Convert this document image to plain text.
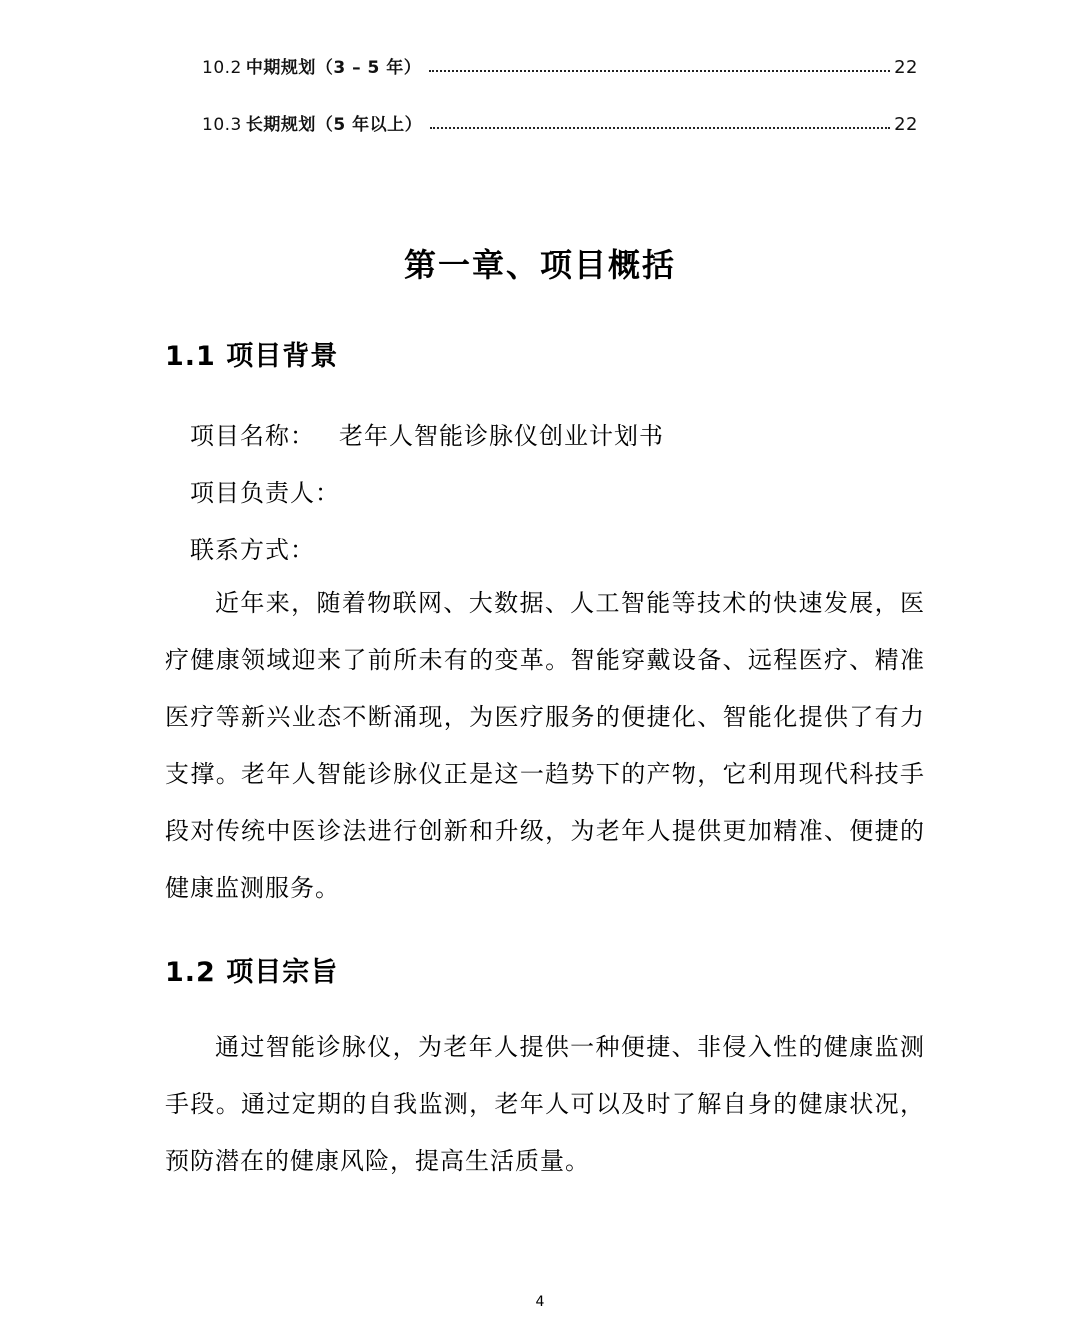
10.2 中期规划（3 – 5 年）	22
10.3 长期规划（5 年以上）	22
第一章、项目概括
1.1 项目背景
项目名称： 老年人智能诊脉仪创业计划书
项目负责人：
联系方式：

近年来，随着物联网、大数据、人工智能等技术的快速发展，医疗健康领域迎来了前所未有的变革。智能穿戴设备、远程医疗、精准医疗等新兴业态不断涌现，为医疗服务的便捷化、智能化提供了有力支撑。老年人智能诊脉仪正是这一趋势下的产物，它利用现代科技手段对传统中医诊法进行创新和升级，为老年人提供更加精准、便捷的健康监测服务。

1.2 项目宗旨

通过智能诊脉仪，为老年人提供一种便捷、非侵入性的健康监测手段。通过定期的自我监测，老年人可以及时了解自身的健康状况，预防潜在的健康风险，提高生活质量。

4
